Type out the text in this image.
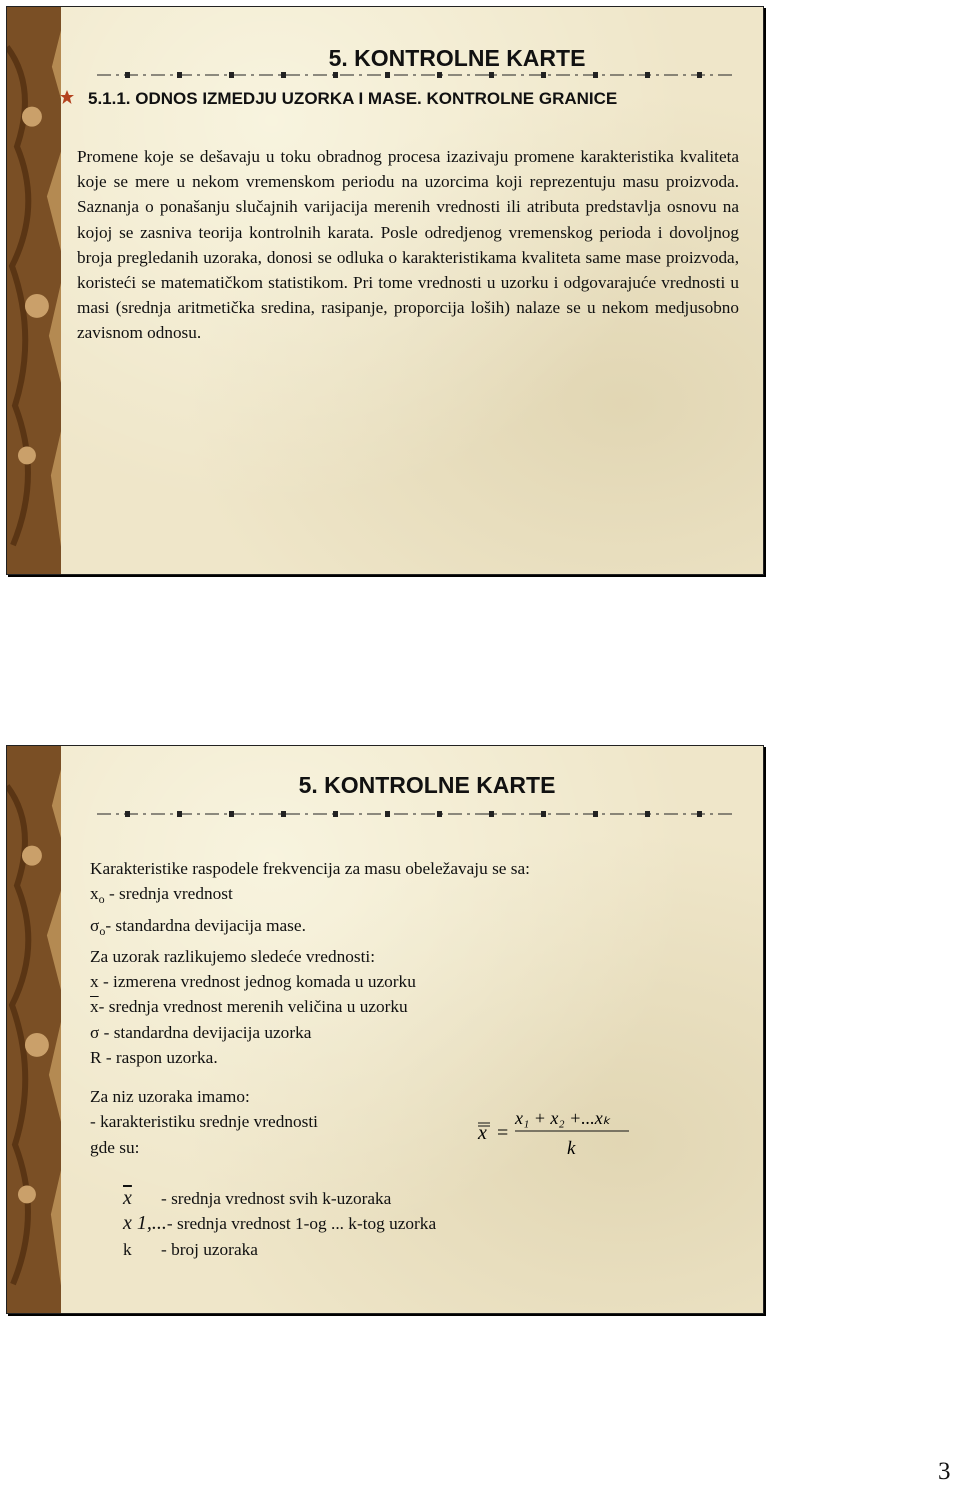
5. KONTROLNE KARTE
5.1.1. ODNOS IZMEDJU UZORKA I MASE. KONTROLNE GRANICE
Promene koje se dešavaju u toku obradnog procesa izazivaju promene karakteristika kvaliteta koje se mere u nekom vremenskom periodu na uzorcima koji reprezentuju masu proizvoda. Saznanja o ponašanju slučajnih varijacija merenih vrednosti ili atributa predstavlja osnovu na kojoj se zasniva teorija kontrolnih karata. Posle odredjenog vremenskog perioda i dovoljnog broja pregledanih uzoraka, donosi se odluka o karakteristikama kvaliteta same mase proizvoda, koristeći se matematičkom statistikom. Pri tome vrednosti u uzorku i odgovarajuće vrednosti u masi (srednja aritmetička sredina, rasipanje, proporcija loših) nalaze se u nekom medjusobno zavisnom odnosu.
5. KONTROLNE KARTE
Karakteristike raspodele frekvencija za masu obeležavaju se sa:
$x_o$ - srednja vrednost
$\sigma_o-$ standardna devijacija mase.
Za uzorak razlikujemo sledeće vrednosti:
x - izmerena vrednost jednog komada u uzorku
$\overline{x}-$ srednja vrednost merenih veličina u uzorku
σ - standardna devijacija uzorka
R - raspon uzorka.
Za niz uzoraka imamo:
- karakteristiku srednje vrednosti
gde su:
x =
x₁ + x₂ +...xₖ
k
$\overline{x}$ - srednja vrednost svih k-uzoraka
x 1,...- srednja vrednost 1-og ... k-tog uzorka
k - broj uzoraka
3
